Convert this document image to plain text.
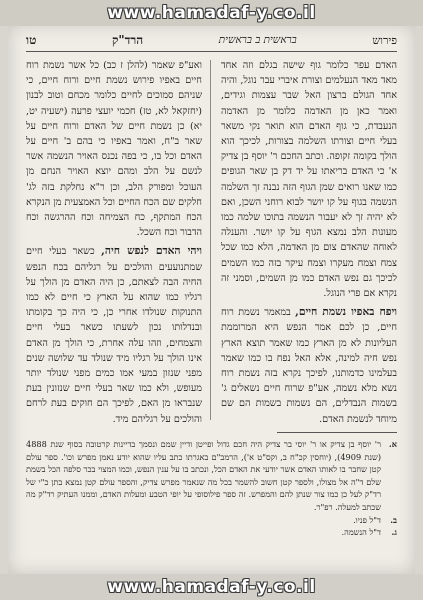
www.hamadaf-y.co.il
פירוש
בראשית ב בראשית
הרד"ק
טו

האדם עפר כלומר גוף שישה בגלם וזה אחד מאד מאד הנעלמים וצורת איברי עבר נוגל, והיה אחד הגולם ברצון האל שבר עצמות וגידים, ואמר כאן מן האדמה כלומר מן האדמה הנעבדת, כי גוף האדם הוא תואר נקי משאר בעלי חיים וצורתו השלמה בצורות, לכיכך הוא הולך בקומה זקופה. וכתב החכם ר' יוסף בן צדיק א' כי האדם בריאתו על יד דק בן שאר הגופים כמו שאנו רואים שמן הגוף הזה נבנה זך השלמה הנשמה בגוף על קו יושר לבוא רוחני השכן, ואם לא יהיה זך לא יעבור הנשמה בתוכו שלמה כמו מעונות הלב נמצא הגוף על קו יושר. והענלה לאוחה שהאדם צום מן האדמה, הלא כמו שכל צמח וצמח מעקרו וצמח עיקר בזה כמו השמים לכיכך גם נפש האדם כמו מן השמים, וסמני זה נקרא אם פרי הנוגל.

ויפח באפיו נשמת חיים, במאמר נשמת רוח חיים, כן לכם אמר הנפש היא המרוממת העליונות לא מן הארץ כמו שאמר תוצא הארץ נפש חיה למינה, אלא האל נפח בו כמו שאמר בעלמינו כדמותנו, לפיכך נקרא בזה נשמת רוח נשא מלא נשמה, אע"פ שרוח חיים נשאלים ג' בשמות הנבדלים, הם נשמות בשמות הם שם מיוחד לנשמת האדם.

ואע"פ שאמר (להלן ז כב) כל אשר נשמת רוח חיים באפיו פירוש נשמת חיים ורוח חיים, כי שניהם סמוכים לחיים כלומר מכחם וטוב לבנון (יחזקאל לא, טז) חכמי יועצי פרעה (ישעיה יט, יא) כן נשמת חיים של האדם ורוח חיים על שאר ב"ח, ואמר באפיו כי בהם ב' חיים על האדם וכל בו, כי בפה נכנס האויר הנשמה אשר לנשם על הלב ומהם יוצא האויר הנחם מן העוכל ומפורק הלב, וכן ר"א נחלקת בזה לג' חלקים שם הכח החיים וכל האמצעית מן הנקרא הכח המתקף, כח הצמיחה וכח ההרגשה וכח הדבור וכח השכל.

ויהי האדם לנפש חיה, כשאר בעלי חיים שמתנועעים והולכים על רגליהם בכח הנפש החיה הבה לצאתם, כן היה האדם מן הולך על רגליו כמו שהוא על הארץ כי חיים לא כמו התנוקות שנולדו אחרי כן, כי היה כך בקומתו ובנדלותו נכון לשעתו כשאר בעלי חיים והצמחים, וזהו עלה אחרת, כי הולך מן האדם אינו הולך על רגליו מיד שנולד עד שלושה שנים מפני שנזון במעי אמו כמים מפני שנולד יותר מעופש, ולא כמו שאר בעלי חיים שנזונין בעת שנבראו מן האם, לפיכך הם חוקים בעת לרחם והולכים על רגליהם מיד.

א.
ר' יוסף בן צדיק או ר' יוסי בר צדיק היה חכם גדול ופייטן ודיין שמם ונסמך בדיינות קרטובה בסוף שנת 4888 (שנת 4909), (יוחסין קכ"ח ב, וקס"ט א'), הרמב"ם באגרתו כתב עליו שהוא יודע נאמן מפרש וכו'. ספר עולם קטן שחבר בו לאותו האדם אשר יודעי את האדם הכל, ונכתב בו על ענין הנפש, וכמו המצוי בכר סלפה הכל בשמת שלם ד"ה אל מצולו, ולספר קטן חשוב להשמר בכל מה שנאמר מפרש צדיק, והספר עולם קטן נמצא בתן כ"י של רד"ק לעל כן כמו צור שנתן להם והמפרש. זה ספר פילוסופי על יופי הטבע ומעלות האדם, וממנו העתיק רד"ק מה שכתב למעלה. רפ"ר.
ב.
ד"ל פניו.
ג.
ד"ל הנשמה.
www.hamadaf-y.co.il
